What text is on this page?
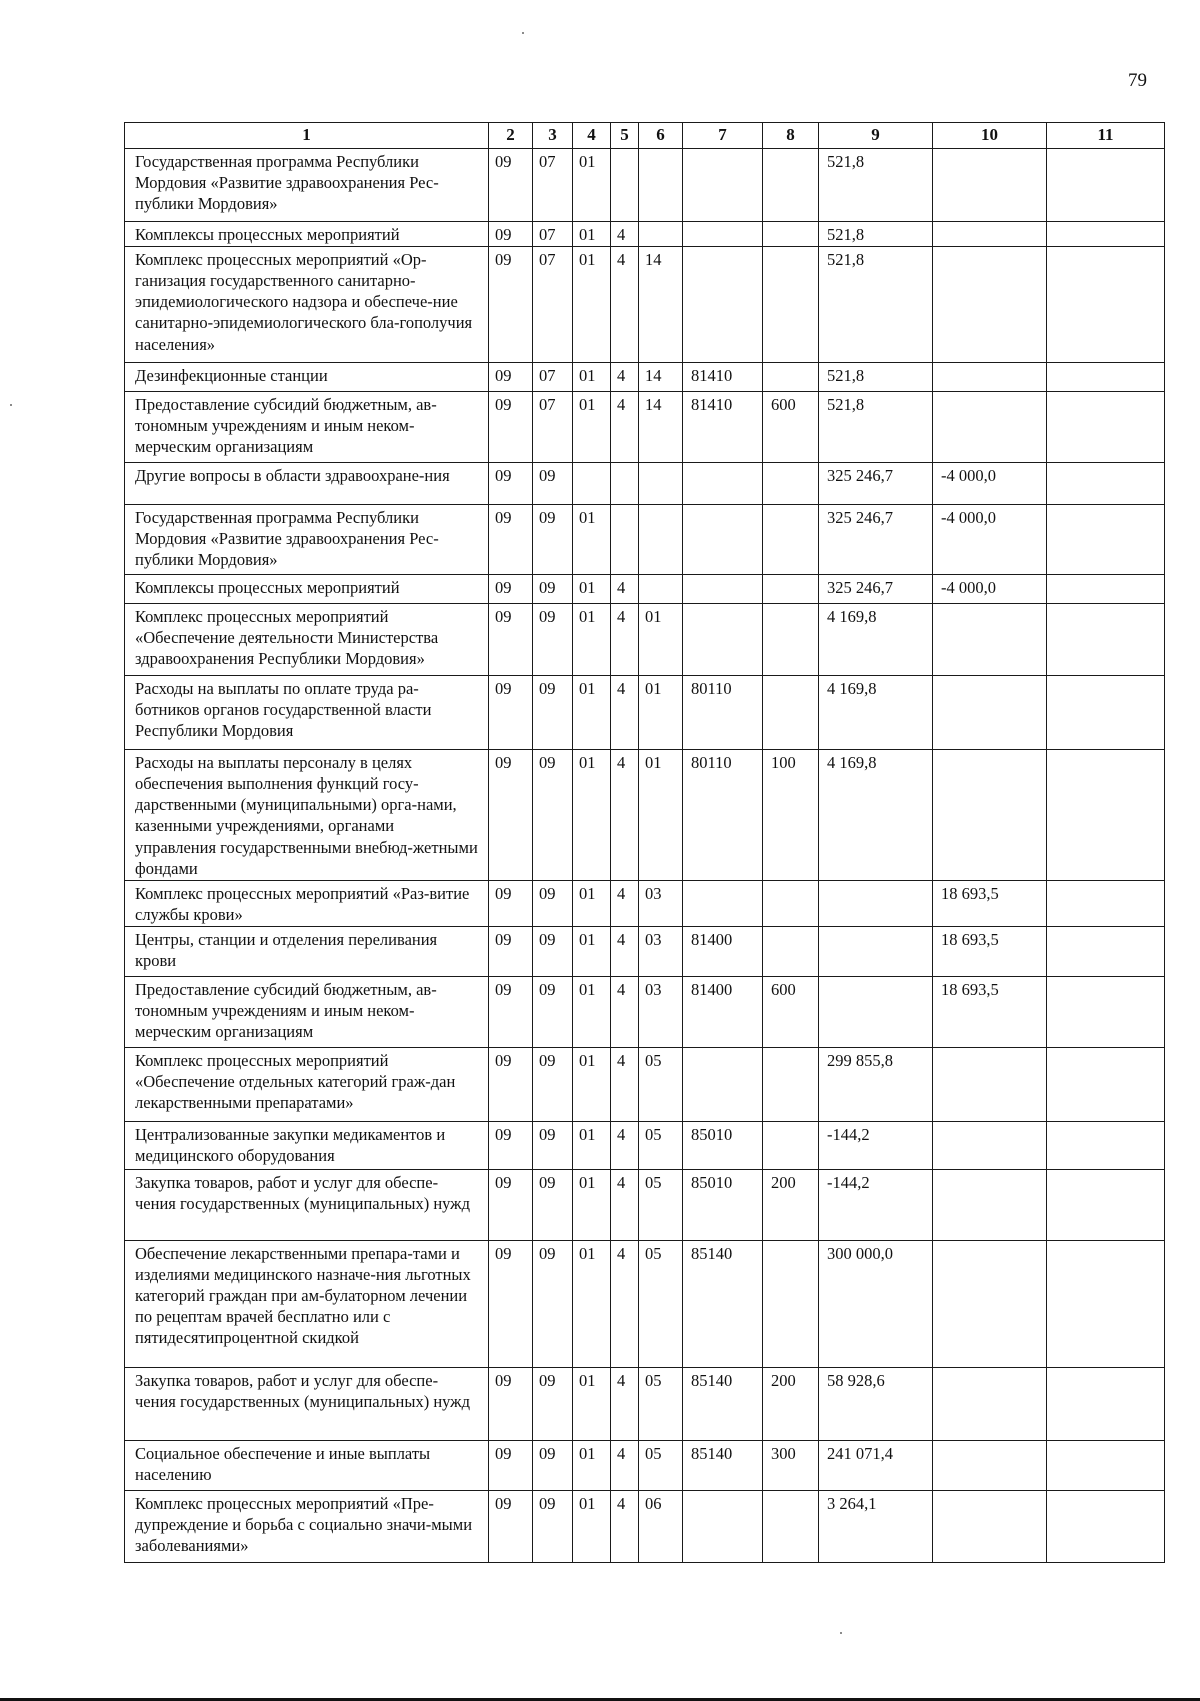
79
1	2	3	4	5	6	7	8	9	10	11
Государственная программа Республики Мордовия «Развитие здравоохранения Рес-публики Мордовия»	09	07	01					521,8		
Комплексы процессных мероприятий	09	07	01	4				521,8		
Комплекс процессных мероприятий «Ор-ганизация государственного санитарно-эпидемиологического надзора и обеспече-ние санитарно-эпидемиологического бла-гополучия населения»	09	07	01	4	14			521,8		
Дезинфекционные станции	09	07	01	4	14	81410		521,8		
Предоставление субсидий бюджетным, ав-тономным учреждениям и иным неком-мерческим организациям	09	07	01	4	14	81410	600	521,8		
Другие вопросы в области здравоохране-ния	09	09						325 246,7	-4 000,0	
Государственная программа Республики Мордовия «Развитие здравоохранения Рес-публики Мордовия»	09	09	01					325 246,7	-4 000,0	
Комплексы процессных мероприятий	09	09	01	4				325 246,7	-4 000,0	
Комплекс процессных мероприятий «Обеспечение деятельности Министерства здравоохранения Республики Мордовия»	09	09	01	4	01			4 169,8		
Расходы на выплаты по оплате труда ра-ботников органов государственной власти Республики Мордовия	09	09	01	4	01	80110		4 169,8		
Расходы на выплаты персоналу в целях обеспечения выполнения функций госу-дарственными (муниципальными) орга-нами, казенными учреждениями, органами управления государственными внебюд-жетными фондами	09	09	01	4	01	80110	100	4 169,8		
Комплекс процессных мероприятий «Раз-витие службы крови»	09	09	01	4	03				18 693,5	
Центры, станции и отделения переливания крови	09	09	01	4	03	81400			18 693,5	
Предоставление субсидий бюджетным, ав-тономным учреждениям и иным неком-мерческим организациям	09	09	01	4	03	81400	600		18 693,5	
Комплекс процессных мероприятий «Обеспечение отдельных категорий граж-дан лекарственными препаратами»	09	09	01	4	05			299 855,8		
Централизованные закупки медикаментов и медицинского оборудования	09	09	01	4	05	85010		-144,2		
Закупка товаров, работ и услуг для обеспе-чения государственных (муниципальных) нужд	09	09	01	4	05	85010	200	-144,2		
Обеспечение лекарственными препара-тами и изделиями медицинского назначе-ния льготных категорий граждан при ам-булаторном лечении по рецептам врачей бесплатно или с пятидесятипроцентной скидкой	09	09	01	4	05	85140		300 000,0		
Закупка товаров, работ и услуг для обеспе-чения государственных (муниципальных) нужд	09	09	01	4	05	85140	200	58 928,6		
Социальное обеспечение и иные выплаты населению	09	09	01	4	05	85140	300	241 071,4		
Комплекс процессных мероприятий «Пре-дупреждение и борьба с социально значи-мыми заболеваниями»	09	09	01	4	06			3 264,1		
